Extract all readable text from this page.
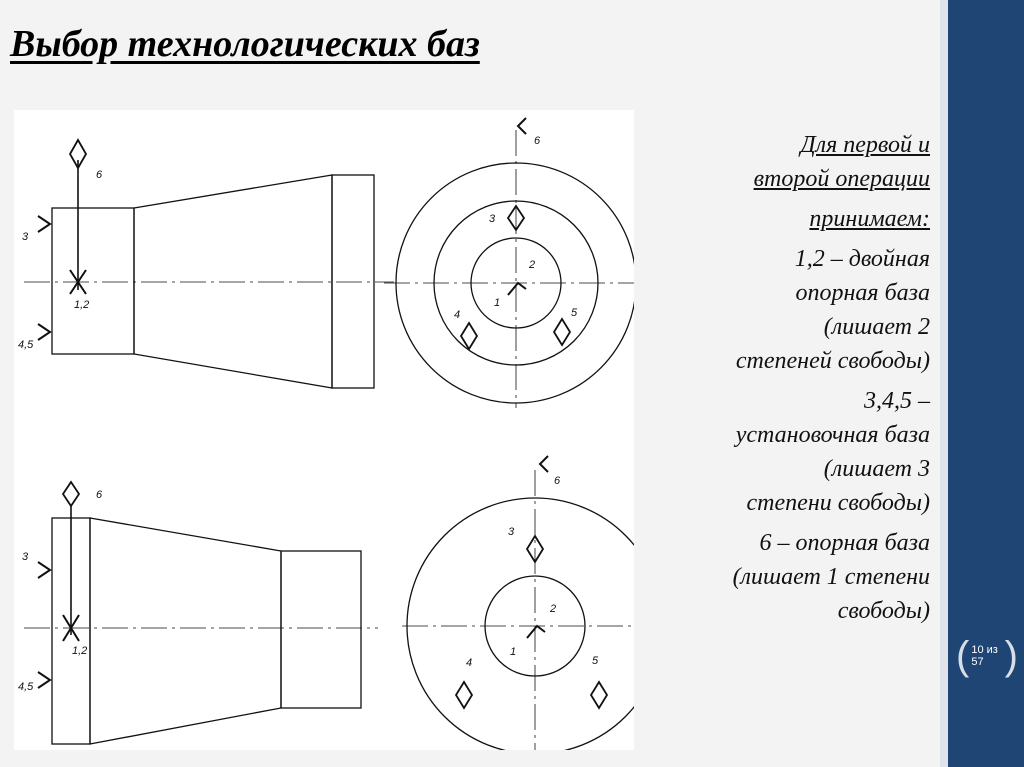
Выбор технологических баз
6
3
4,5
1,2
6
3
2
1
4	5
6
3
4,5
1,2
6
3
2
1
4	5

Для первой и
второй операции

принимаем:

1,2 – двойная
опорная база
(лишает 2
степеней свободы)

3,4,5 –
установочная база
(лишает 3
степени свободы)

6 – опорная база
(лишает 1 степени
свободы)

( 10 из 57 )
